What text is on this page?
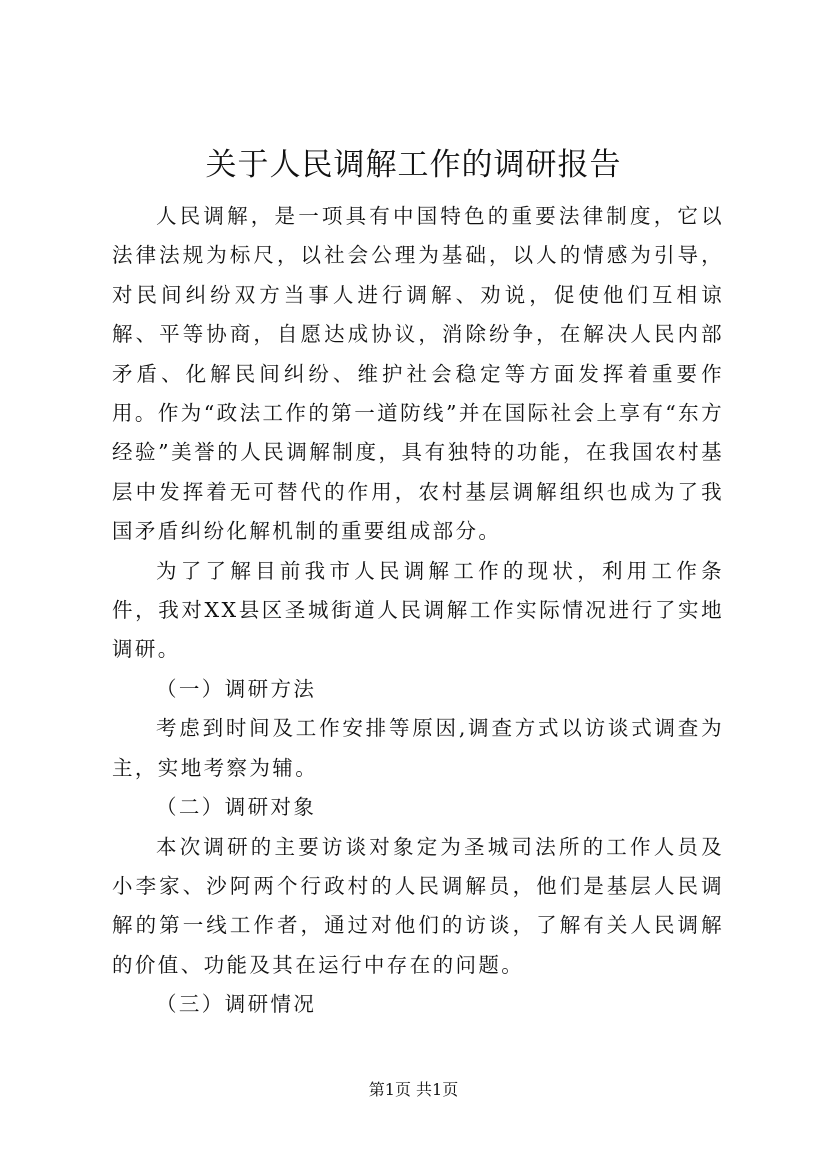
关于人民调解工作的调研报告

人民调解，是一项具有中国特色的重要法律制度，它以法律法规为标尺，以社会公理为基础，以人的情感为引导，对民间纠纷双方当事人进行调解、劝说，促使他们互相谅解、平等协商，自愿达成协议，消除纷争，在解决人民内部矛盾、化解民间纠纷、维护社会稳定等方面发挥着重要作用。作为“政法工作的第一道防线”并在国际社会上享有“东方经验”美誉的人民调解制度，具有独特的功能，在我国农村基层中发挥着无可替代的作用，农村基层调解组织也成为了我国矛盾纠纷化解机制的重要组成部分。

为了了解目前我市人民调解工作的现状，利用工作条件，我对XX县区圣城街道人民调解工作实际情况进行了实地调研。

（一）调研方法

考虑到时间及工作安排等原因,调查方式以访谈式调查为主，实地考察为辅。

（二）调研对象

本次调研的主要访谈对象定为圣城司法所的工作人员及小李家、沙阿两个行政村的人民调解员，他们是基层人民调解的第一线工作者，通过对他们的访谈，了解有关人民调解的价值、功能及其在运行中存在的问题。

（三）调研情况

第1页 共1页
